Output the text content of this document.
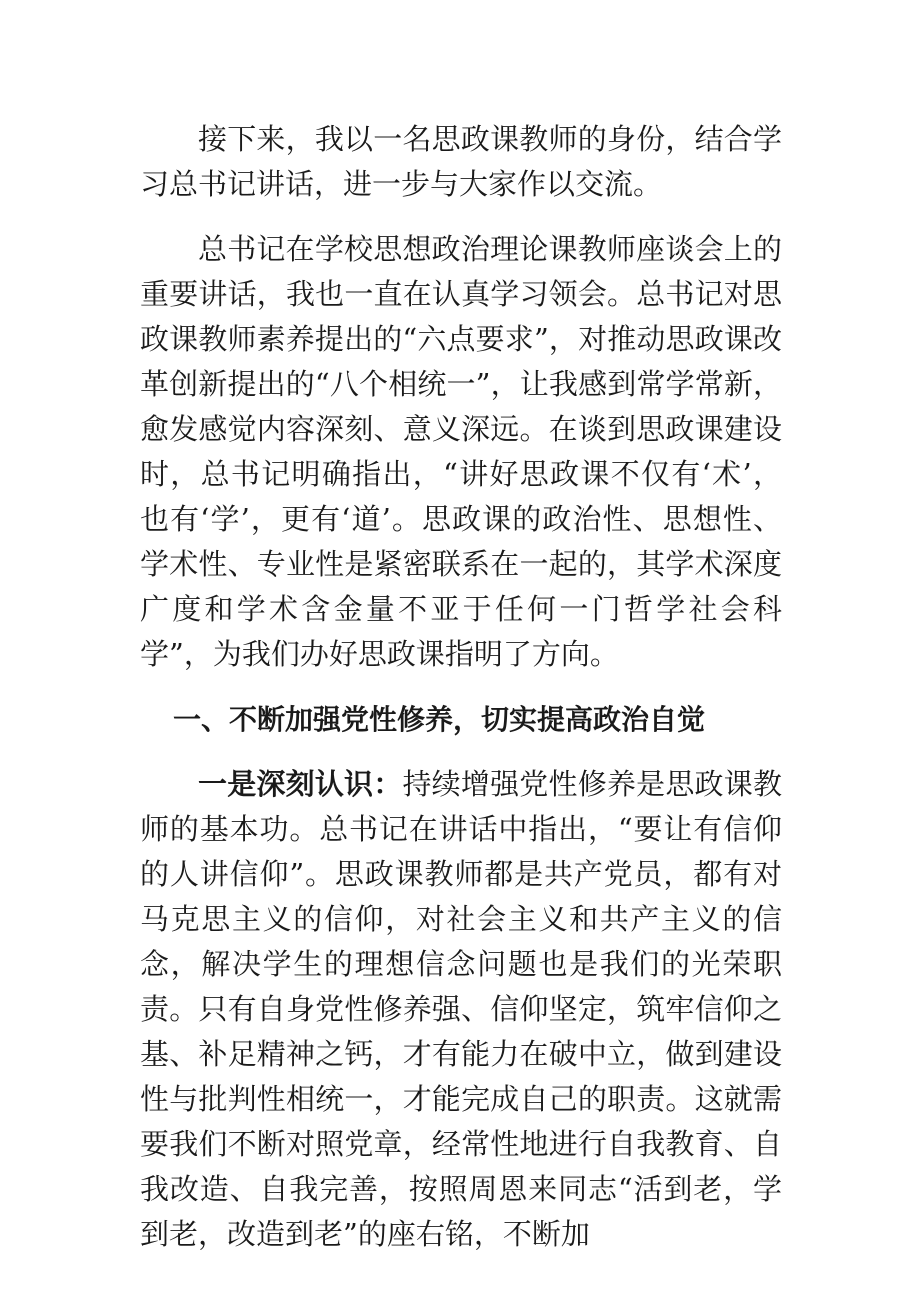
接下来，我以一名思政课教师的身份，结合学习总书记讲话，进一步与大家作以交流。

总书记在学校思想政治理论课教师座谈会上的重要讲话，我也一直在认真学习领会。总书记对思政课教师素养提出的“六点要求”，对推动思政课改革创新提出的“八个相统一”，让我感到常学常新，愈发感觉内容深刻、意义深远。在谈到思政课建设时，总书记明确指出，“讲好思政课不仅有‘术’，也有‘学’，更有‘道’。思政课的政治性、思想性、学术性、专业性是紧密联系在一起的，其学术深度广度和学术含金量不亚于任何一门哲学社会科学”，为我们办好思政课指明了方向。

一、不断加强党性修养，切实提高政治自觉

一是深刻认识：持续增强党性修养是思政课教师的基本功。总书记在讲话中指出，“要让有信仰的人讲信仰”。思政课教师都是共产党员，都有对马克思主义的信仰，对社会主义和共产主义的信念，解决学生的理想信念问题也是我们的光荣职责。只有自身党性修养强、信仰坚定，筑牢信仰之基、补足精神之钙，才有能力在破中立，做到建设性与批判性相统一，才能完成自己的职责。这就需要我们不断对照党章，经常性地进行自我教育、自我改造、自我完善，按照周恩来同志“活到老，学到老，改造到老”的座右铭，不断加
